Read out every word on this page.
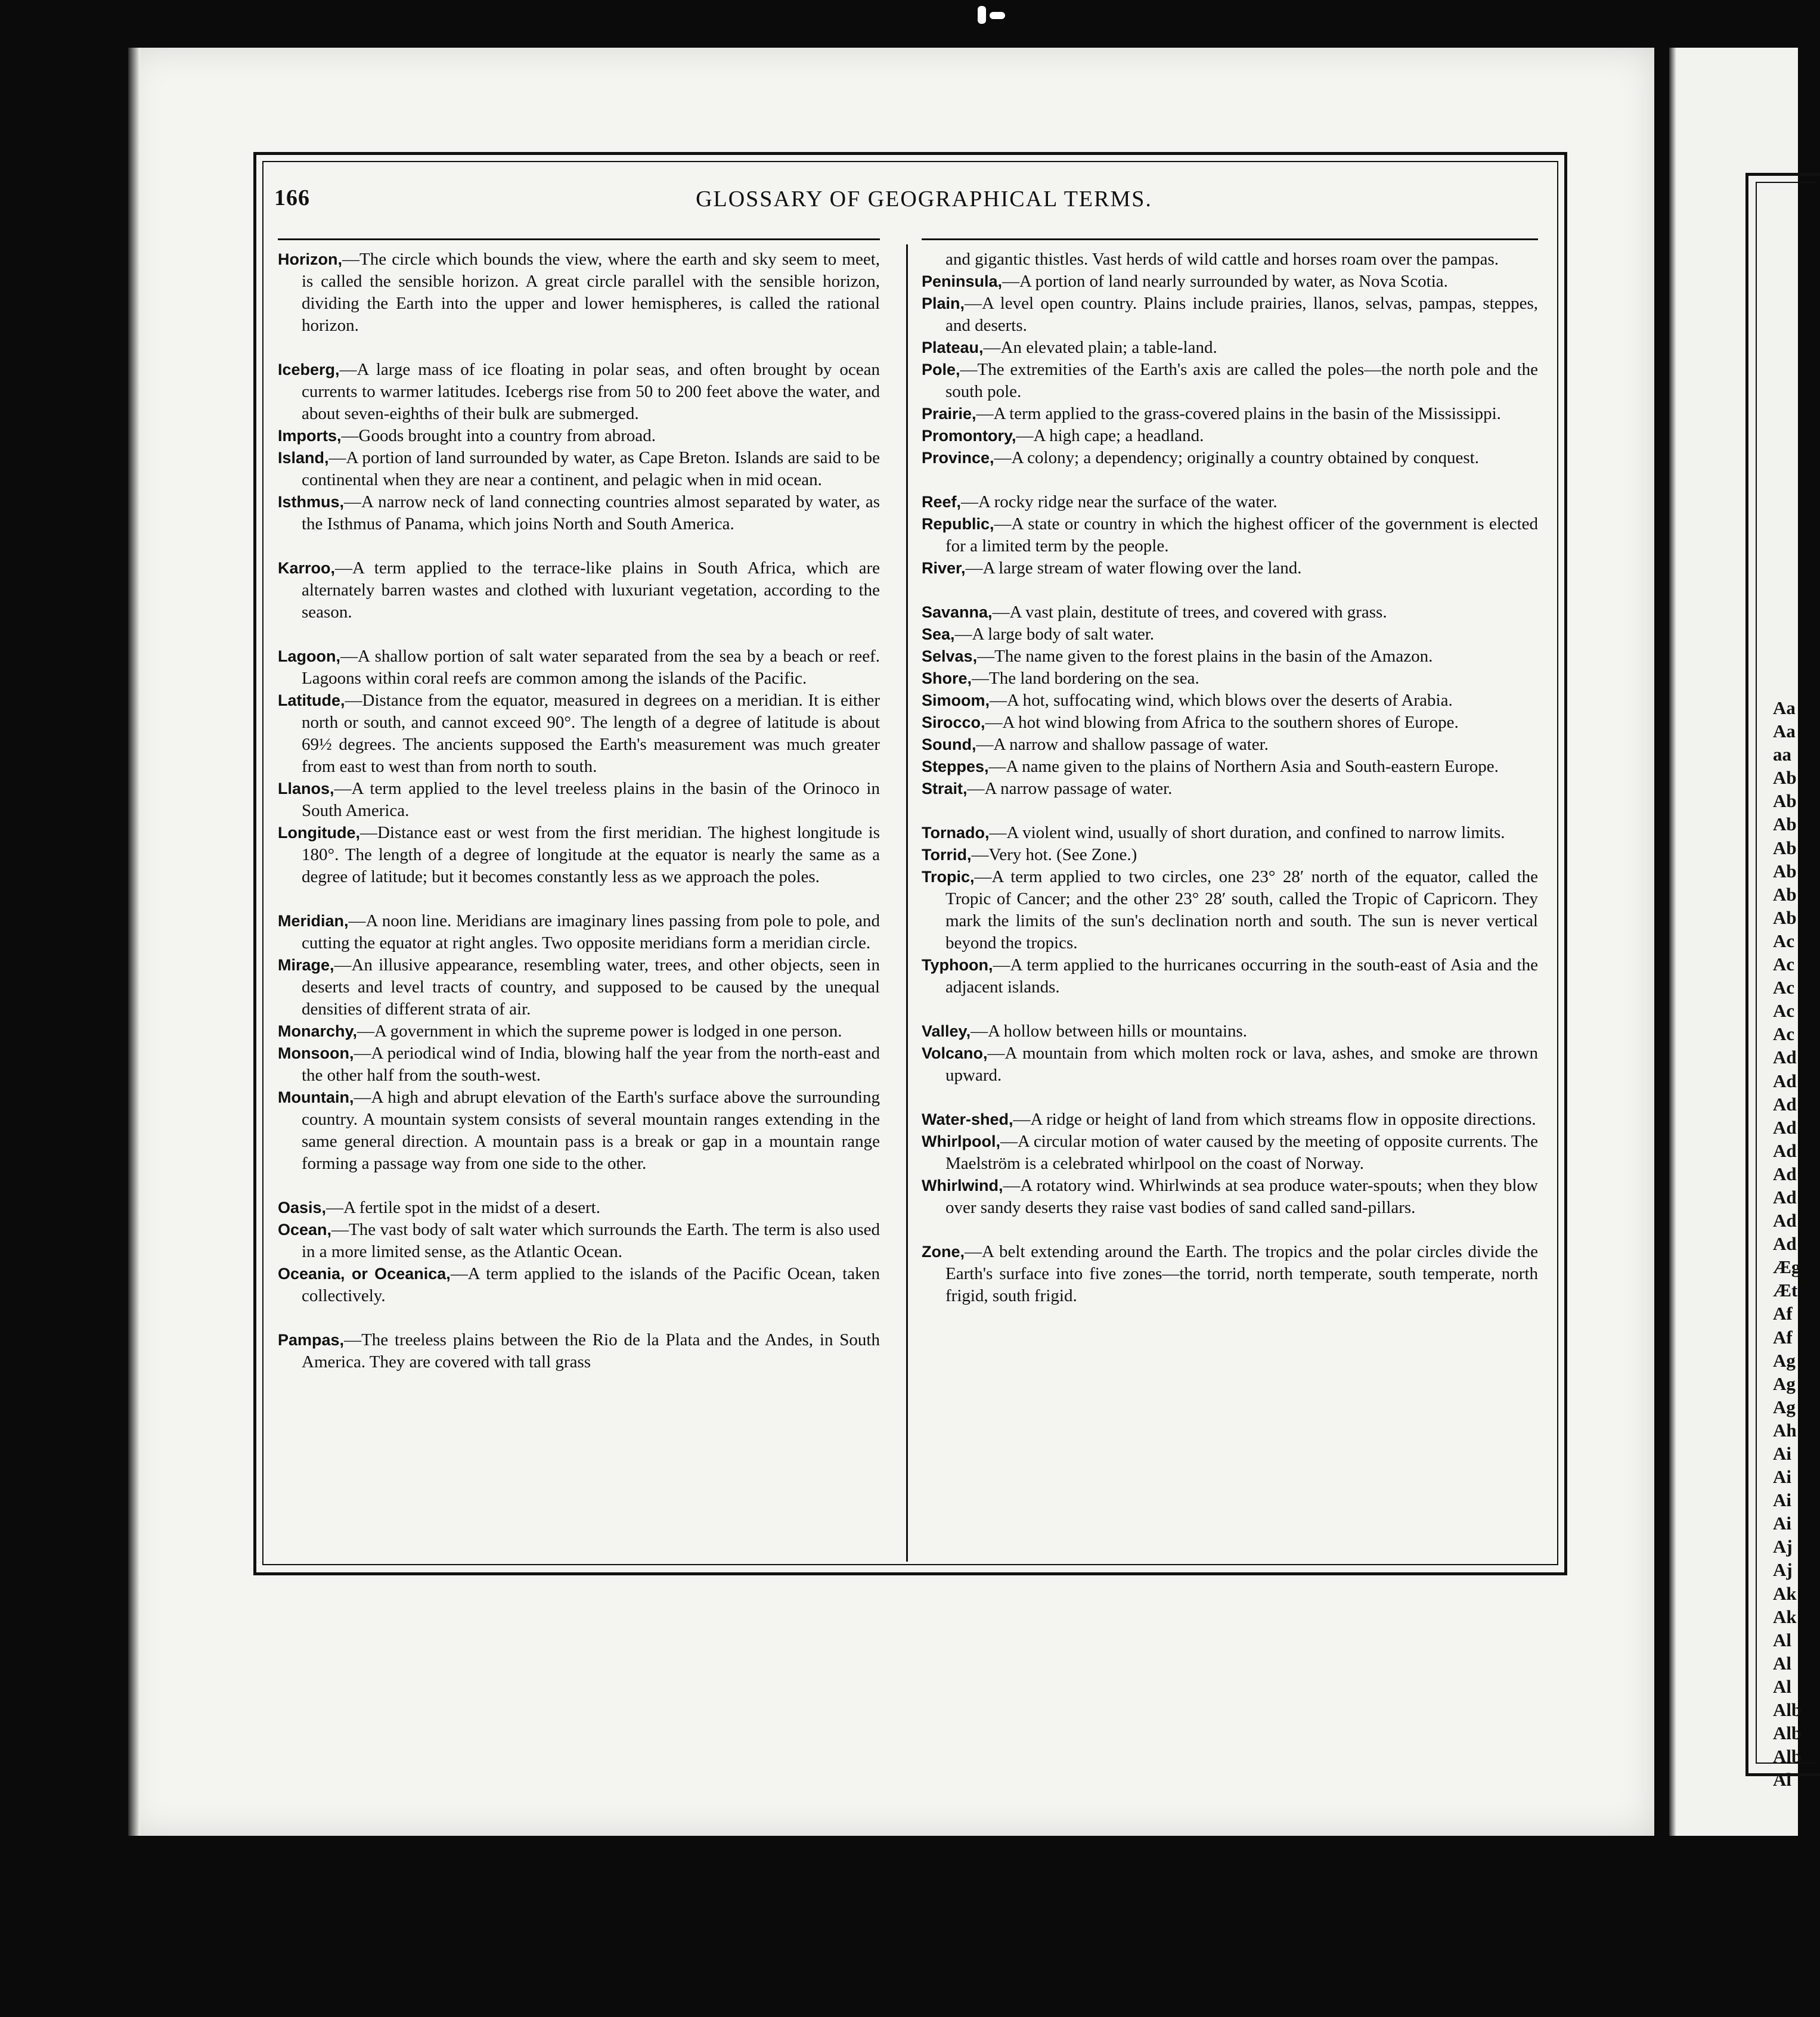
Aa
Aa
aa
Ab
Ab
Ab
Ab
Ab
Ab
Ab
Ac
Ac
Ac
Ac
Ac
Ad
Ad
Ad
Ad
Ad
Ad
Ad
Ad
Ad
Æg
Æt
Af
Af
Ag
Ag
Ag
Ah
Ai
Ai
Ai
Ai
Aj
Aj
Ak
Ak
Al
Al
Al
Alb
Alb
Alb
Al
166	GLOSSARY OF GEOGRAPHICAL TERMS.
Horizon,—The circle which bounds the view, where the earth and sky seem to meet, is called the sensible horizon. A great circle parallel with the sensible horizon, dividing the Earth into the upper and lower hemispheres, is called the rational horizon.
Iceberg,—A large mass of ice floating in polar seas, and often brought by ocean currents to warmer latitudes. Icebergs rise from 50 to 200 feet above the water, and about seven-eighths of their bulk are submerged.
Imports,—Goods brought into a country from abroad.
Island,—A portion of land surrounded by water, as Cape Breton. Islands are said to be continental when they are near a continent, and pelagic when in mid ocean.
Isthmus,—A narrow neck of land connecting countries almost separated by water, as the Isthmus of Panama, which joins North and South America.
Karroo,—A term applied to the terrace-like plains in South Africa, which are alternately barren wastes and clothed with luxuriant vegetation, according to the season.
Lagoon,—A shallow portion of salt water separated from the sea by a beach or reef. Lagoons within coral reefs are common among the islands of the Pacific.
Latitude,—Distance from the equator, measured in degrees on a meridian. It is either north or south, and cannot exceed 90°. The length of a degree of latitude is about 69½ degrees. The ancients supposed the Earth's measurement was much greater from east to west than from north to south.
Llanos,—A term applied to the level treeless plains in the basin of the Orinoco in South America.
Longitude,—Distance east or west from the first meridian. The highest longitude is 180°. The length of a degree of longitude at the equator is nearly the same as a degree of latitude; but it becomes constantly less as we approach the poles.
Meridian,—A noon line. Meridians are imaginary lines passing from pole to pole, and cutting the equator at right angles. Two opposite meridians form a meridian circle.
Mirage,—An illusive appearance, resembling water, trees, and other objects, seen in deserts and level tracts of country, and supposed to be caused by the unequal densities of different strata of air.
Monarchy,—A government in which the supreme power is lodged in one person.
Monsoon,—A periodical wind of India, blowing half the year from the north-east and the other half from the south-west.
Mountain,—A high and abrupt elevation of the Earth's surface above the surrounding country. A mountain system consists of several mountain ranges extending in the same general direction. A mountain pass is a break or gap in a mountain range forming a passage way from one side to the other.
Oasis,—A fertile spot in the midst of a desert.
Ocean,—The vast body of salt water which surrounds the Earth. The term is also used in a more limited sense, as the Atlantic Ocean.
Oceania, or Oceanica,—A term applied to the islands of the Pacific Ocean, taken collectively.
Pampas,—The treeless plains between the Rio de la Plata and the Andes, in South America. They are covered with tall grass
and gigantic thistles. Vast herds of wild cattle and horses roam over the pampas.
Peninsula,—A portion of land nearly surrounded by water, as Nova Scotia.
Plain,—A level open country. Plains include prairies, llanos, selvas, pampas, steppes, and deserts.
Plateau,—An elevated plain; a table-land.
Pole,—The extremities of the Earth's axis are called the poles—the north pole and the south pole.
Prairie,—A term applied to the grass-covered plains in the basin of the Mississippi.
Promontory,—A high cape; a headland.
Province,—A colony; a dependency; originally a country obtained by conquest.
Reef,—A rocky ridge near the surface of the water.
Republic,—A state or country in which the highest officer of the government is elected for a limited term by the people.
River,—A large stream of water flowing over the land.
Savanna,—A vast plain, destitute of trees, and covered with grass.
Sea,—A large body of salt water.
Selvas,—The name given to the forest plains in the basin of the Amazon.
Shore,—The land bordering on the sea.
Simoom,—A hot, suffocating wind, which blows over the deserts of Arabia.
Sirocco,—A hot wind blowing from Africa to the southern shores of Europe.
Sound,—A narrow and shallow passage of water.
Steppes,—A name given to the plains of Northern Asia and South-eastern Europe.
Strait,—A narrow passage of water.
Tornado,—A violent wind, usually of short duration, and confined to narrow limits.
Torrid,—Very hot. (See Zone.)
Tropic,—A term applied to two circles, one 23° 28′ north of the equator, called the Tropic of Cancer; and the other 23° 28′ south, called the Tropic of Capricorn. They mark the limits of the sun's declination north and south. The sun is never vertical beyond the tropics.
Typhoon,—A term applied to the hurricanes occurring in the south-east of Asia and the adjacent islands.
Valley,—A hollow between hills or mountains.
Volcano,—A mountain from which molten rock or lava, ashes, and smoke are thrown upward.
Water-shed,—A ridge or height of land from which streams flow in opposite directions.
Whirlpool,—A circular motion of water caused by the meeting of opposite currents. The Maelström is a celebrated whirlpool on the coast of Norway.
Whirlwind,—A rotatory wind. Whirlwinds at sea produce water-spouts; when they blow over sandy deserts they raise vast bodies of sand called sand-pillars.
Zone,—A belt extending around the Earth. The tropics and the polar circles divide the Earth's surface into five zones—the torrid, north temperate, south temperate, north frigid, south frigid.
